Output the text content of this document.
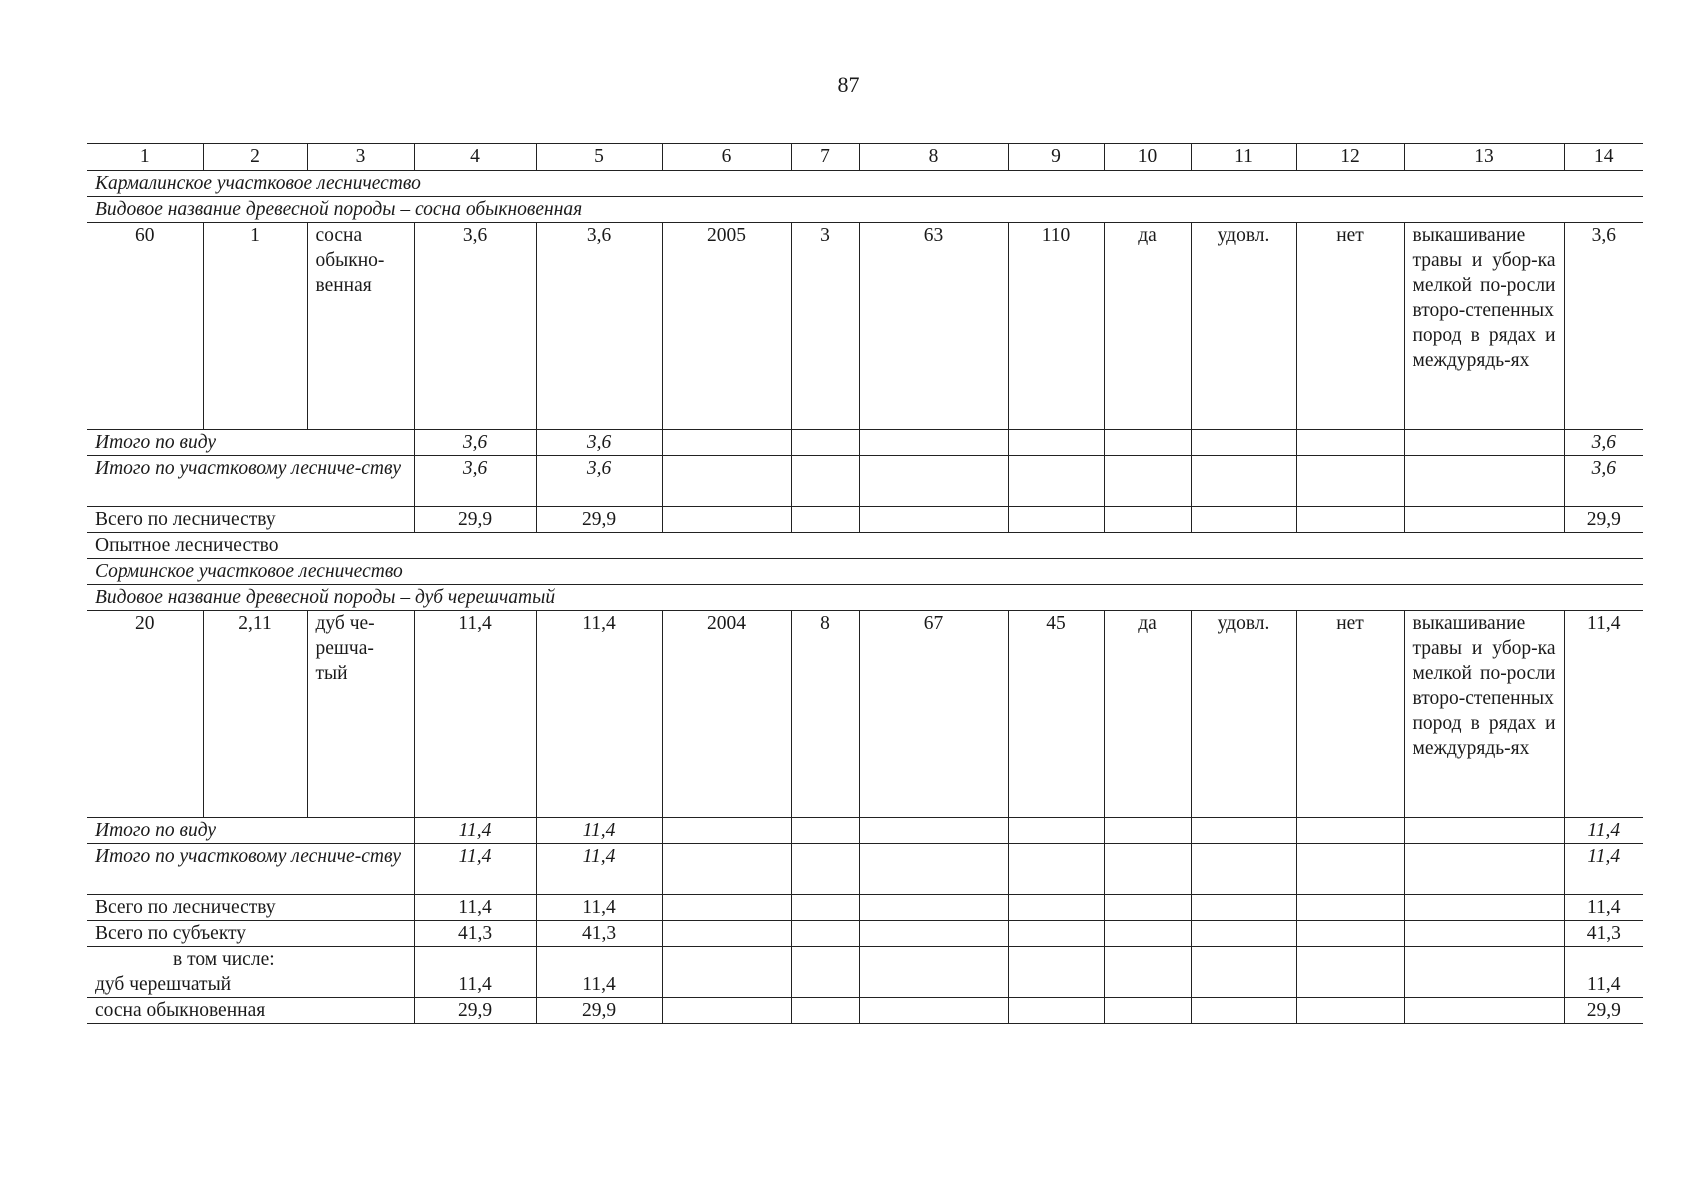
87
1	2	3	4	5	6	7	8	9	10	11	12	13	14
Кармалинское участковое лесничество													
Видовое название древесной породы – сосна обыкновенная													
60	1	сосна
обыкно-
венная	3,6	3,6	2005	3	63	110	да	удовл.	нет	выкашивание травы и убор-ка мелкой по-росли второ-степенных пород в рядах и междурядь-ях	3,6
Итого по виду			3,6	3,6									3,6
Итого по участковому лесниче-ству			3,6	3,6									3,6
Всего по лесничеству			29,9	29,9									29,9
Опытное лесничество													
Сорминское участковое лесничество													
Видовое название древесной породы – дуб черешчатый													
20	2,11	дуб че-
решча-
тый	11,4	11,4	2004	8	67	45	да	удовл.	нет	выкашивание травы и убор-ка мелкой по-росли второ-степенных пород в рядах и междурядь-ях	11,4
Итого по виду			11,4	11,4									11,4
Итого по участковому лесниче-ству			11,4	11,4									11,4
Всего по лесничеству			11,4	11,4									11,4
Всего по субъекту			41,3	41,3									41,3

в том числе:
дуб черешчатый			11,4	11,4									11,4
сосна обыкновенная			29,9	29,9									29,9
